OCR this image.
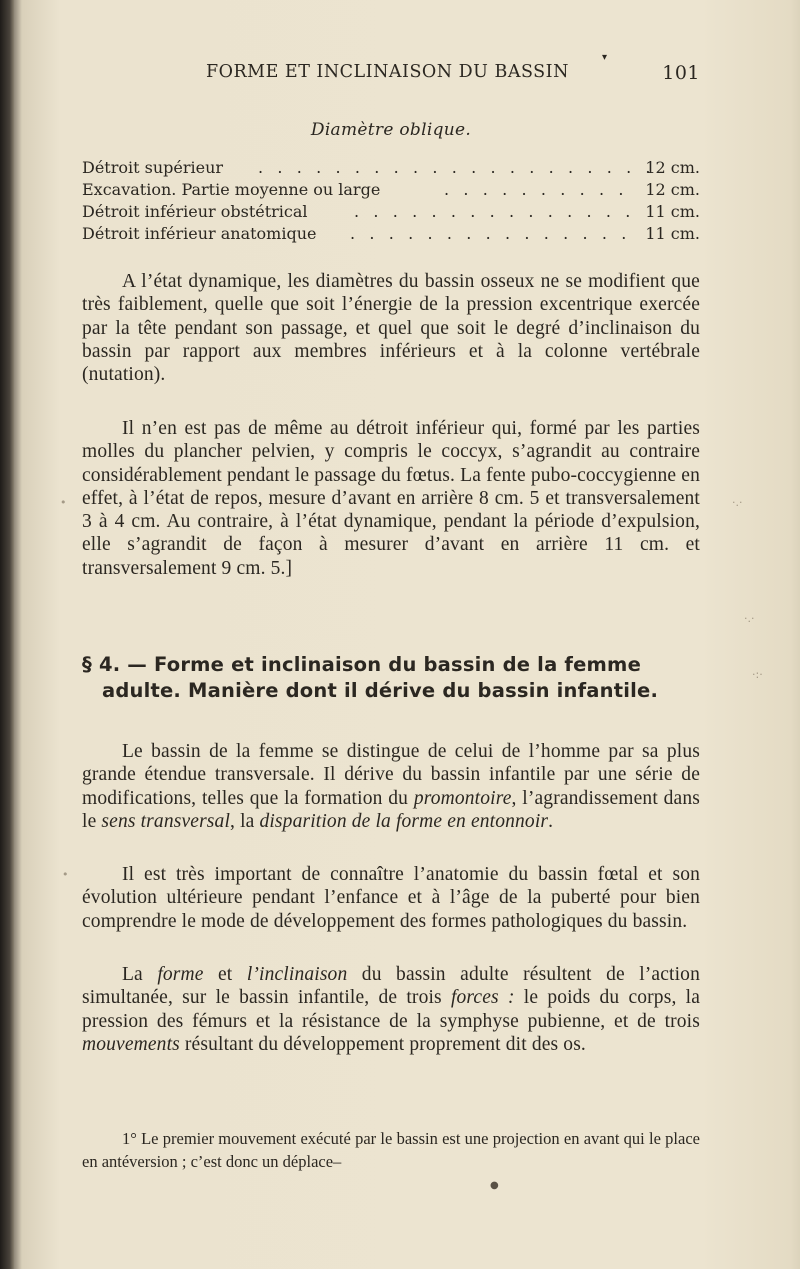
FORME ET INCLINAISON DU BASSIN
▾
101
Diamètre oblique.
Détroit supérieur . . . . . . . . . . . . . . . . . . . . .
12 cm.
Excavation. Partie moyenne ou large	. . . . . . . . . . 12 cm.
Détroit inférieur obstétrical	. . . . . . . . . . . . . . . 11 cm.
Détroit inférieur anatomique . . . . . . . . . . . . . . . 11 cm.

A l’état dynamique, les diamètres du bassin osseux ne se modifient que très faiblement, quelle que soit l’énergie de la pression excentrique exercée par la tête pendant son passage, et quel que soit le degré d’inclinaison du bassin par rapport aux membres inférieurs et à la colonne vertébrale (nutation).

Il n’en est pas de même au détroit inférieur qui, formé par les parties molles du plancher pelvien, y compris le coccyx, s’agrandit au contraire considérablement pendant le passage du fœtus. La fente pubo-coccygienne en effet, à l’état de repos, mesure d’avant en arrière 8 cm. 5 et transversalement 3 à 4 cm. Au contraire, à l’état dynamique, pendant la période d’expulsion, elle s’agrandit de façon à mesurer d’avant en arrière 11 cm. et transversalement 9 cm. 5.]

§ 4. — Forme et inclinaison du bassin de la femme
adulte. Manière dont il dérive du bassin infantile.

Le bassin de la femme se distingue de celui de l’homme par sa plus grande étendue transversale. Il dérive du bassin infantile par une série de modifications, telles que la formation du promontoire, l’agrandissement dans le sens transversal, la disparition de la forme en entonnoir.

Il est très important de connaître l’anatomie du bassin fœtal et son évolution ultérieure pendant l’enfance et à l’âge de la puberté pour bien comprendre le mode de développement des formes pathologiques du bassin.

La forme et l’inclinaison du bassin adulte résultent de l’action simultanée, sur le bassin infantile, de trois forces : le poids du corps, la pression des fémurs et la résistance de la symphyse pubienne, et de trois mouvements résultant du développement proprement dit des os.

1° Le premier mouvement exécuté par le bassin est une projection en avant qui le place en antéversion ; c’est donc un déplace–

●
·.·
·.·
·:·
•
•
